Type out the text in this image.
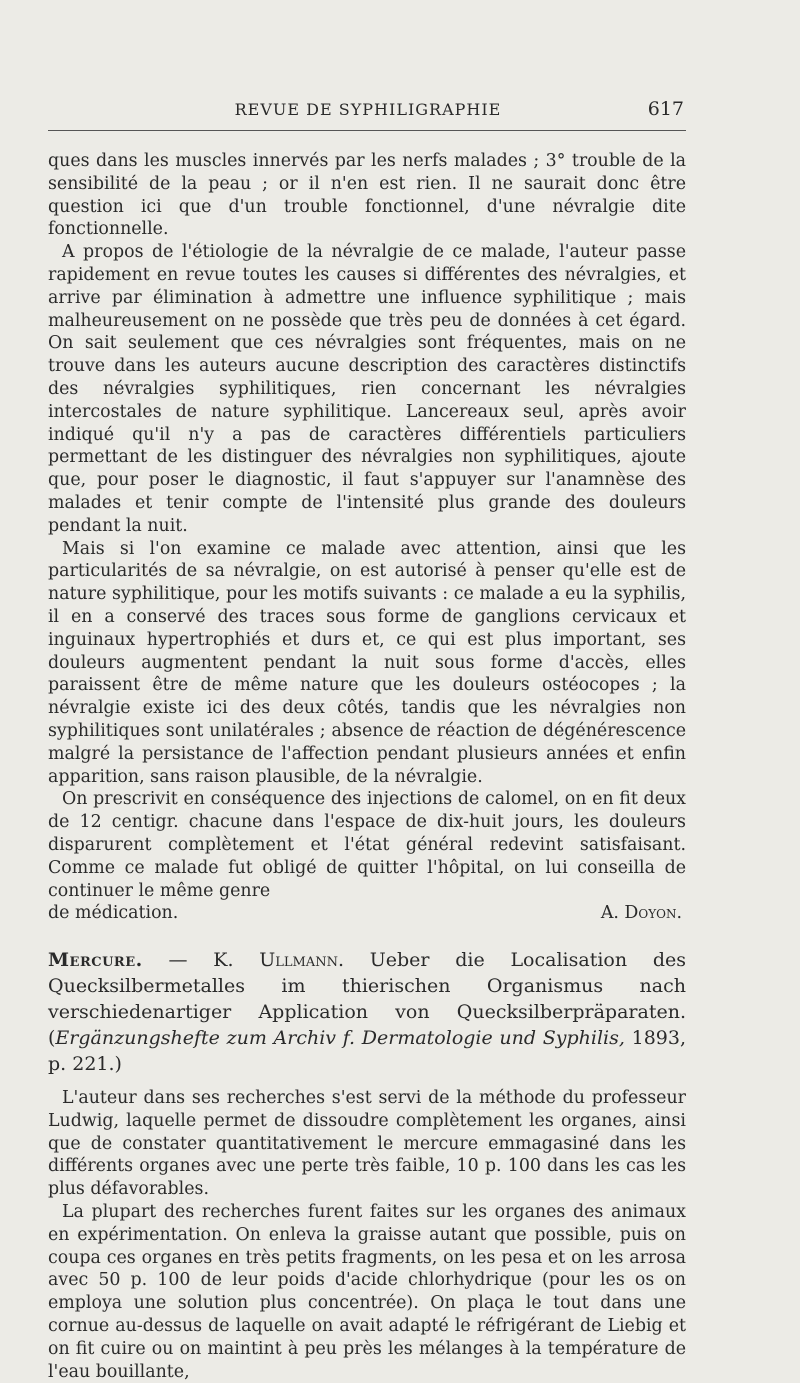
REVUE DE SYPHILIGRAPHIE	617

ques dans les muscles innervés par les nerfs malades ; 3° trouble de la sensibilité de la peau ; or il n'en est rien. Il ne saurait donc être question ici que d'un trouble fonctionnel, d'une névralgie dite fonctionnelle.

A propos de l'étiologie de la névralgie de ce malade, l'auteur passe rapidement en revue toutes les causes si différentes des névralgies, et arrive par élimination à admettre une influence syphilitique ; mais malheureusement on ne possède que très peu de données à cet égard. On sait seulement que ces névralgies sont fréquentes, mais on ne trouve dans les auteurs aucune description des caractères distinctifs des névralgies syphilitiques, rien concernant les névralgies intercostales de nature syphilitique. Lancereaux seul, après avoir indiqué qu'il n'y a pas de caractères différentiels particuliers permettant de les distinguer des névralgies non syphilitiques, ajoute que, pour poser le diagnostic, il faut s'appuyer sur l'anamnèse des malades et tenir compte de l'intensité plus grande des douleurs pendant la nuit.

Mais si l'on examine ce malade avec attention, ainsi que les particularités de sa névralgie, on est autorisé à penser qu'elle est de nature syphilitique, pour les motifs suivants : ce malade a eu la syphilis, il en a conservé des traces sous forme de ganglions cervicaux et inguinaux hypertrophiés et durs et, ce qui est plus important, ses douleurs augmentent pendant la nuit sous forme d'accès, elles paraissent être de même nature que les douleurs ostéocopes ; la névralgie existe ici des deux côtés, tandis que les névralgies non syphilitiques sont unilatérales ; absence de réaction de dégénérescence malgré la persistance de l'affection pendant plusieurs années et enfin apparition, sans raison plausible, de la névralgie.

On prescrivit en conséquence des injections de calomel, on en fit deux de 12 centigr. chacune dans l'espace de dix-huit jours, les douleurs disparurent complètement et l'état général redevint satisfaisant. Comme ce malade fut obligé de quitter l'hôpital, on lui conseilla de continuer le même genre

de médication.	A. Doyon.

Mercure. — K. Ullmann. Ueber die Localisation des Quecksilbermetalles im thierischen Organismus nach verschiedenartiger Application von Quecksilberpräparaten. (Ergänzungshefte zum Archiv f. Dermatologie und Syphilis, 1893, p. 221.)

L'auteur dans ses recherches s'est servi de la méthode du professeur Ludwig, laquelle permet de dissoudre complètement les organes, ainsi que de constater quantitativement le mercure emmagasiné dans les différents organes avec une perte très faible, 10 p. 100 dans les cas les plus défavorables.

La plupart des recherches furent faites sur les organes des animaux en expérimentation. On enleva la graisse autant que possible, puis on coupa ces organes en très petits fragments, on les pesa et on les arrosa avec 50 p. 100 de leur poids d'acide chlorhydrique (pour les os on employa une solution plus concentrée). On plaça le tout dans une cornue au-dessus de laquelle on avait adapté le réfrigérant de Liebig et on fit cuire ou on maintint à peu près les mélanges à la température de l'eau bouillante,
